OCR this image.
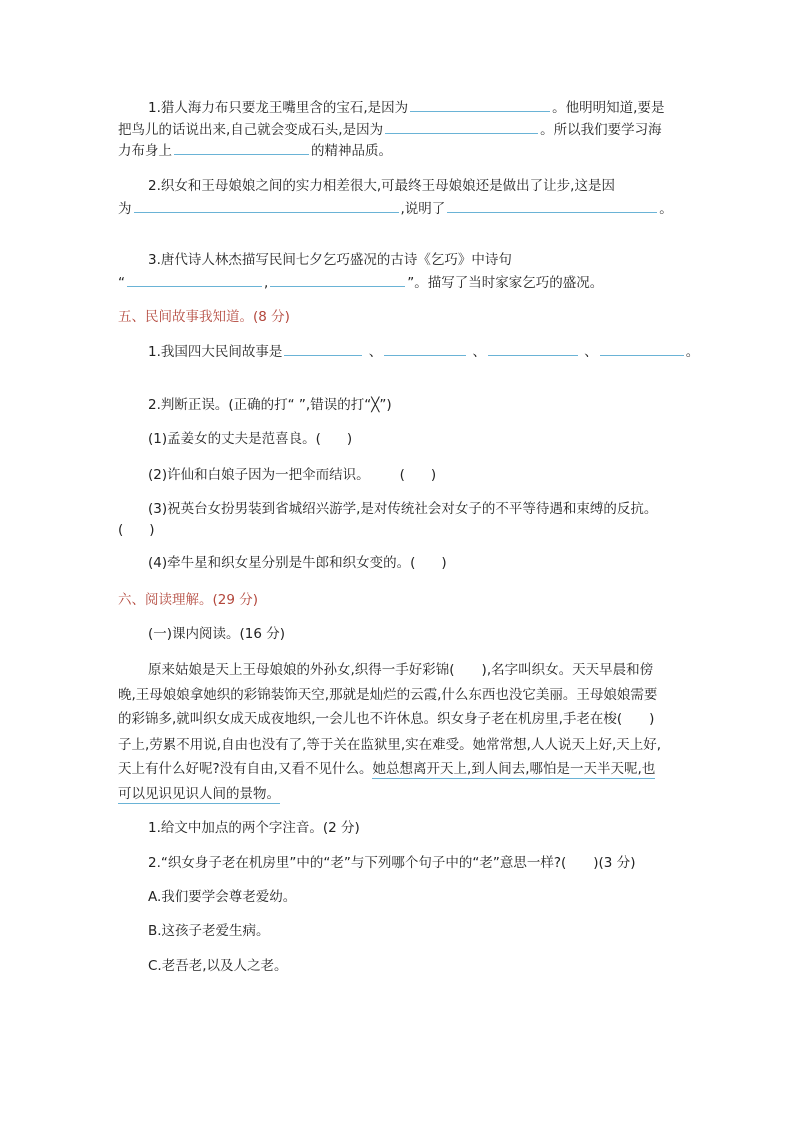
1.猎人海力布只要龙王嘴里含的宝石,是因为	。他明明知道,要是
把鸟儿的话说出来,自己就会变成石头,是因为	。所以我们要学习海
力布身上	的精神品质。
2.织女和王母娘娘之间的实力相差很大,可最终王母娘娘还是做出了让步,这是因
为	,说明了	。
3.唐代诗人林杰描写民间七夕乞巧盛况的古诗《乞巧》中诗句
“	,	”。描写了当时家家乞巧的盛况。
五、民间故事我知道。(8 分)
1.我国四大民间故事是	、	、	、	。
2.判断正误。(正确的打“ ”,错误的打“╳”)
(1)孟姜女的丈夫是范喜良。( )
(2)许仙和白娘子因为一把伞而结识。 ( )
(3)祝英台女扮男装到省城绍兴游学,是对传统社会对女子的不平等待遇和束缚的反抗。
( )
(4)牵牛星和织女星分别是牛郎和织女变的。( )
六、阅读理解。(29 分)
(一)课内阅读。(16 分)
原来姑娘是天上王母娘娘的外孙女,织得一手好彩锦(　　),名字叫织女。天天早晨和傍
晚,王母娘娘拿她织的彩锦装饰天空,那就是灿烂的云霞,什么东西也没它美丽。王母娘娘需要
的彩锦多,就叫织女成天成夜地织,一会儿也不许休息。织女身子老在机房里,手老在梭(　　)
子上,劳累不用说,自由也没有了,等于关在监狱里,实在难受。她常常想,人人说天上好,天上好,
天上有什么好呢?没有自由,又看不见什么。她总想离开天上,到人间去,哪怕是一天半天呢,也
可以见识见识人间的景物。
1.给文中加点的两个字注音。(2 分)
2.“织女身子老在机房里”中的“老”与下列哪个句子中的“老”意思一样?(　　)(3 分)
A.我们要学会尊老爱幼。
B.这孩子老爱生病。
C.老吾老,以及人之老。
